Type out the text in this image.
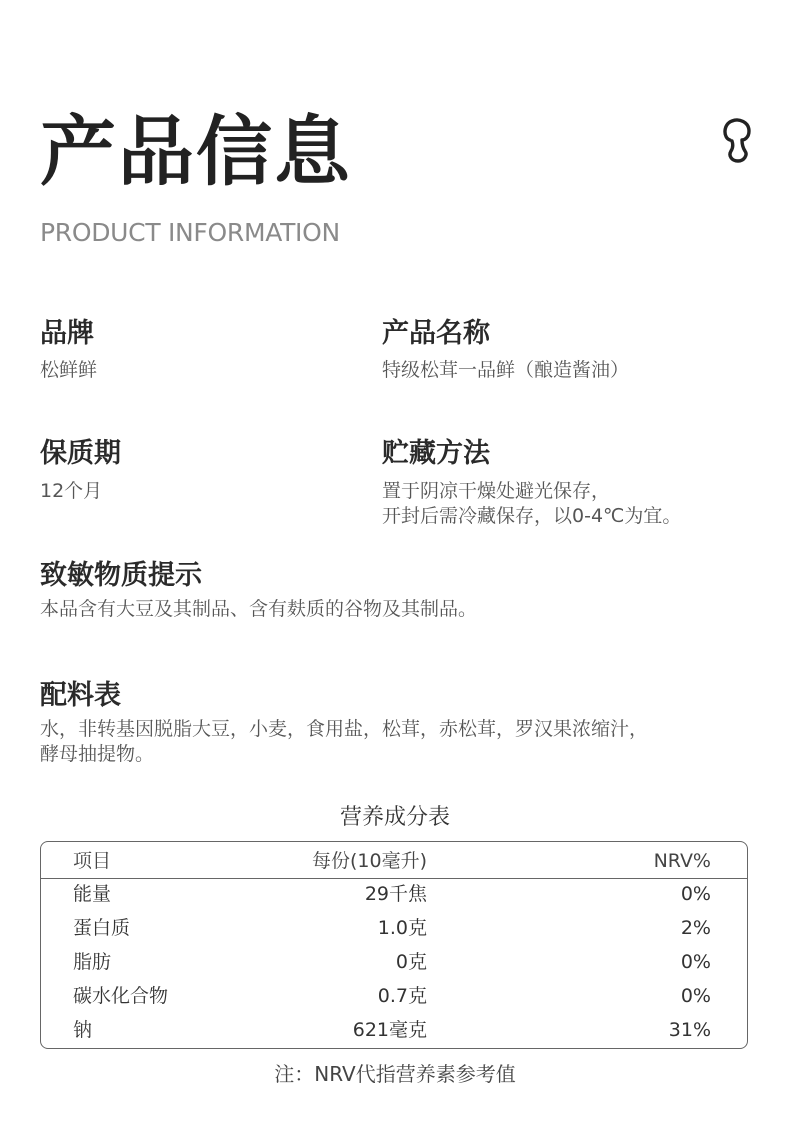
产品信息
PRODUCT INFORMATION
品牌

松鲜鲜

产品名称

特级松茸一品鲜（酿造酱油）

保质期

12个月

贮藏方法

置于阴凉干燥处避光保存，

开封后需冷藏保存，以0-4℃为宜。

致敏物质提示

本品含有大豆及其制品、含有麸质的谷物及其制品。

配料表

水，非转基因脱脂大豆，小麦，食用盐，松茸，赤松茸，罗汉果浓缩汁，

酵母抽提物。

营养成分表
项目	每份(10毫升)	NRV%
能量	29千焦	0%
蛋白质	1.0克	2%
脂肪	0克	0%
碳水化合物	0.7克	0%
钠	621毫克	31%
注：NRV代指营养素参考值
